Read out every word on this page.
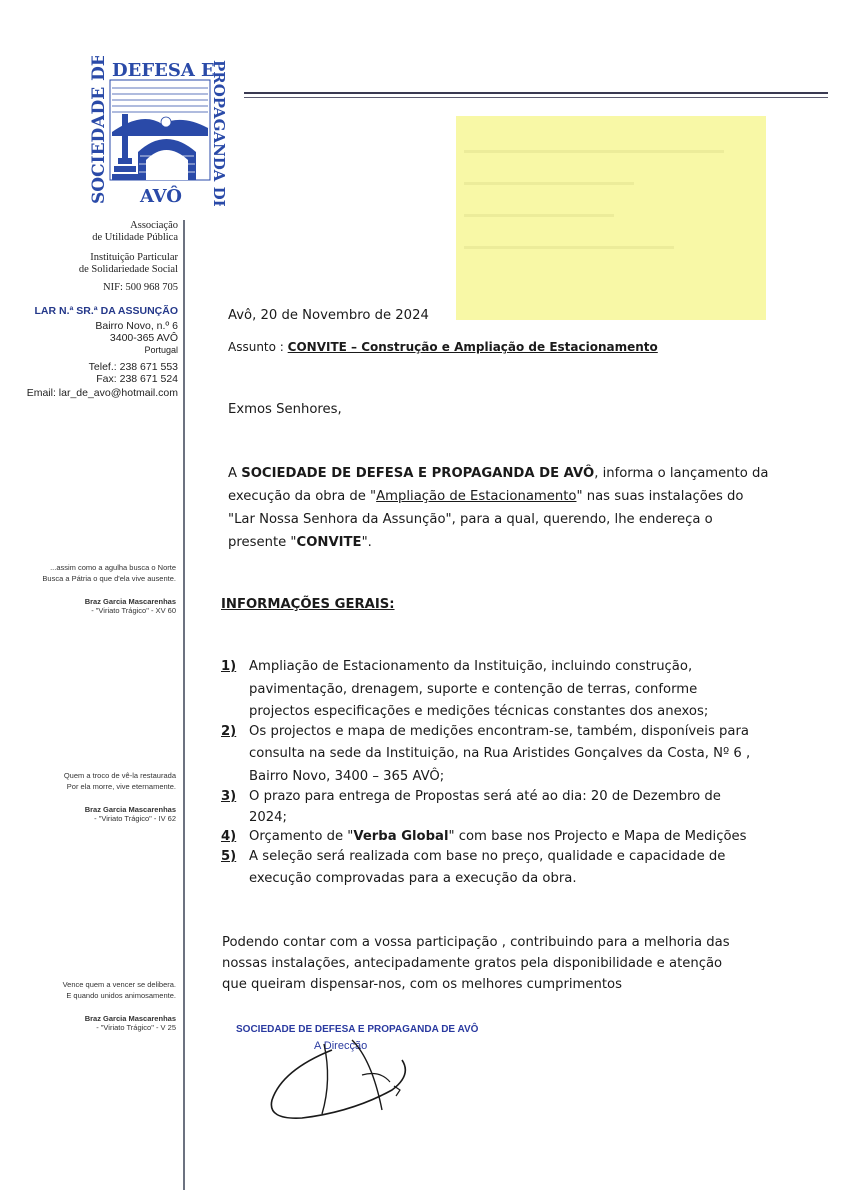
DEFESA E
SOCIEDADE DE	PROPAGANDA DE
AVÔ
Associação
de Utilidade Pública
Instituição Particular
de Solidariedade Social
NIF: 500 968 705
LAR N.ª SR.ª DA ASSUNÇÃO
Bairro Novo, n.º 6
3400-365 AVÔ
Portugal
Telef.: 238 671 553
Fax: 238 671 524
Email: lar_de_avo@hotmail.com
...assim como a agulha busca o Norte
Busca a Pátria o que d'ela vive ausente.
Braz Garcia Mascarenhas
- "Viriato Trágico" - XV 60
Quem a troco de vê-la restaurada
Por ela morre, vive eternamente.
Braz Garcia Mascarenhas
- "Viriato Trágico" - IV 62
Vence quem a vencer se delibera.
E quando unidos animosamente.
Braz Garcia Mascarenhas
- "Viriato Trágico" - V 25
Avô, 20 de Novembro de 2024
Assunto : CONVITE – Construção e Ampliação de Estacionamento
Exmos Senhores,
A SOCIEDADE DE DEFESA E PROPAGANDA DE AVÔ, informa o lançamento da
execução da obra de "Ampliação de Estacionamento" nas suas instalações do
"Lar Nossa Senhora da Assunção", para a qual, querendo, lhe endereça o
presente "CONVITE".
INFORMAÇÕES GERAIS:
1) Ampliação de Estacionamento da Instituição, incluindo construção,
pavimentação, drenagem, suporte e contenção de terras, conforme
projectos especificações e medições técnicas constantes dos anexos;
2) Os projectos e mapa de medições encontram-se, também, disponíveis para
consulta na sede da Instituição, na Rua Aristides Gonçalves da Costa, Nº 6 ,
Bairro Novo, 3400 – 365 AVÔ;
3) O prazo para entrega de Propostas será até ao dia: 20 de Dezembro de
2024;
4) Orçamento de "Verba Global" com base nos Projecto e Mapa de Medições
5) A seleção será realizada com base no preço, qualidade e capacidade de
execução comprovadas para a execução da obra.
Podendo contar com a vossa participação , contribuindo para a melhoria das
nossas instalações, antecipadamente gratos pela disponibilidade e atenção
que queiram dispensar-nos, com os melhores cumprimentos
SOCIEDADE DE DEFESA E PROPAGANDA DE AVÔ
A Direcção
